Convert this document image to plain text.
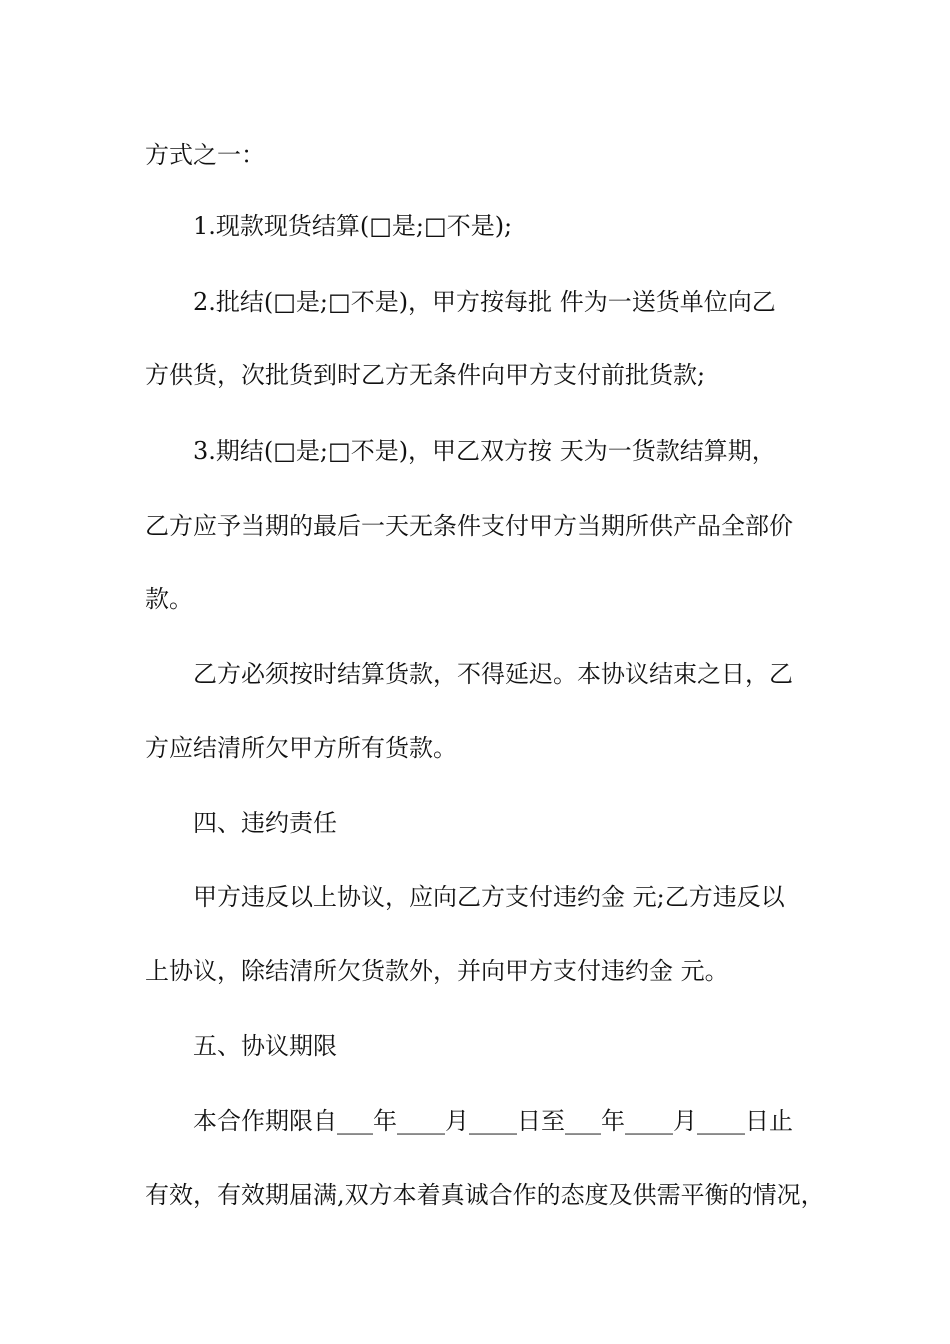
方式之一：
1.现款现货结算(□是;□不是);
2.批结(□是;□不是)，甲方按每批 件为一送货单位向乙
方供货，次批货到时乙方无条件向甲方支付前批货款;
3.期结(□是;□不是)，甲乙双方按 天为一货款结算期，
乙方应予当期的最后一天无条件支付甲方当期所供产品全部价
款。
乙方必须按时结算货款，不得延迟。本协议结束之日，乙
方应结清所欠甲方所有货款。
四、违约责任
甲方违反以上协议，应向乙方支付违约金 元;乙方违反以
上协议，除结清所欠货款外，并向甲方支付违约金 元。
五、协议期限
本合作期限自___年____月____日至___年____月____日止
有效，有效期届满,双方本着真诚合作的态度及供需平衡的情况，
